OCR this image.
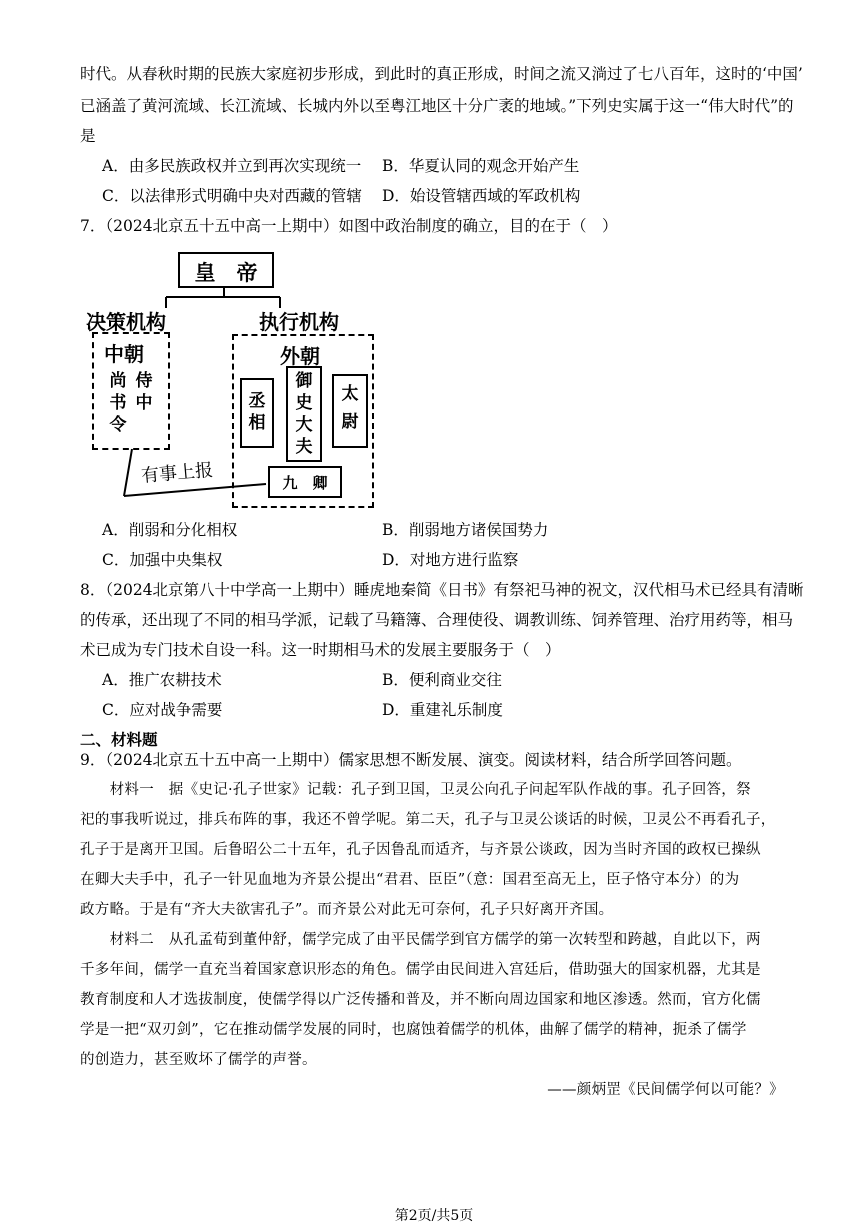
时代。从春秋时期的民族大家庭初步形成，到此时的真正形成，时间之流又淌过了七八百年，这时的‘中国’
已涵盖了黄河流域、长江流域、长城内外以至粤江地区十分广袤的地域。”下列史实属于这一“伟大时代”的
是
A．由多民族政权并立到再次实现统一 B．华夏认同的观念开始产生
C．以法律形式明确中央对西藏的管辖 D．始设管辖西域的军政机构
7．（2024北京五十五中高一上期中）如图中政治制度的确立，目的在于（　）
皇　帝
决策机构	执行机构
中朝
侍中
尚书令
外朝
丞相
御史大夫
太尉
九　卿
有事上报
A．削弱和分化相权	B．削弱地方诸侯国势力
C．加强中央集权	D．对地方进行监察
8．（2024北京第八十中学高一上期中）睡虎地秦简《日书》有祭祀马神的祝文，汉代相马术已经具有清晰
的传承，还出现了不同的相马学派，记载了马籍簿、合理使役、调教训练、饲养管理、治疗用药等，相马
术已成为专门技术自设一科。这一时期相马术的发展主要服务于（　）
A．推广农耕技术	B．便利商业交往
C．应对战争需要	D．重建礼乐制度
二、材料题
9．（2024北京五十五中高一上期中）儒家思想不断发展、演变。阅读材料，结合所学回答问题。
　　材料一　据《史记·孔子世家》记载：孔子到卫国，卫灵公向孔子问起军队作战的事。孔子回答，祭
祀的事我听说过，排兵布阵的事，我还不曾学呢。第二天，孔子与卫灵公谈话的时候，卫灵公不再看孔子，
孔子于是离开卫国。后鲁昭公二十五年，孔子因鲁乱而适齐，与齐景公谈政，因为当时齐国的政权已操纵
在卿大夫手中，孔子一针见血地为齐景公提出“君君、臣臣”（意：国君至高无上，臣子恪守本分）的为
政方略。于是有“齐大夫欲害孔子”。而齐景公对此无可奈何，孔子只好离开齐国。
　　材料二　从孔孟荀到董仲舒，儒学完成了由平民儒学到官方儒学的第一次转型和跨越，自此以下，两
千多年间，儒学一直充当着国家意识形态的角色。儒学由民间进入宫廷后，借助强大的国家机器，尤其是
教育制度和人才选拔制度，使儒学得以广泛传播和普及，并不断向周边国家和地区渗透。然而，官方化儒
学是一把“双刃剑”，它在推动儒学发展的同时，也腐蚀着儒学的机体，曲解了儒学的精神，扼杀了儒学
的创造力，甚至败坏了儒学的声誉。
——颜炳罡《民间儒学何以可能？》
第2页/共5页
